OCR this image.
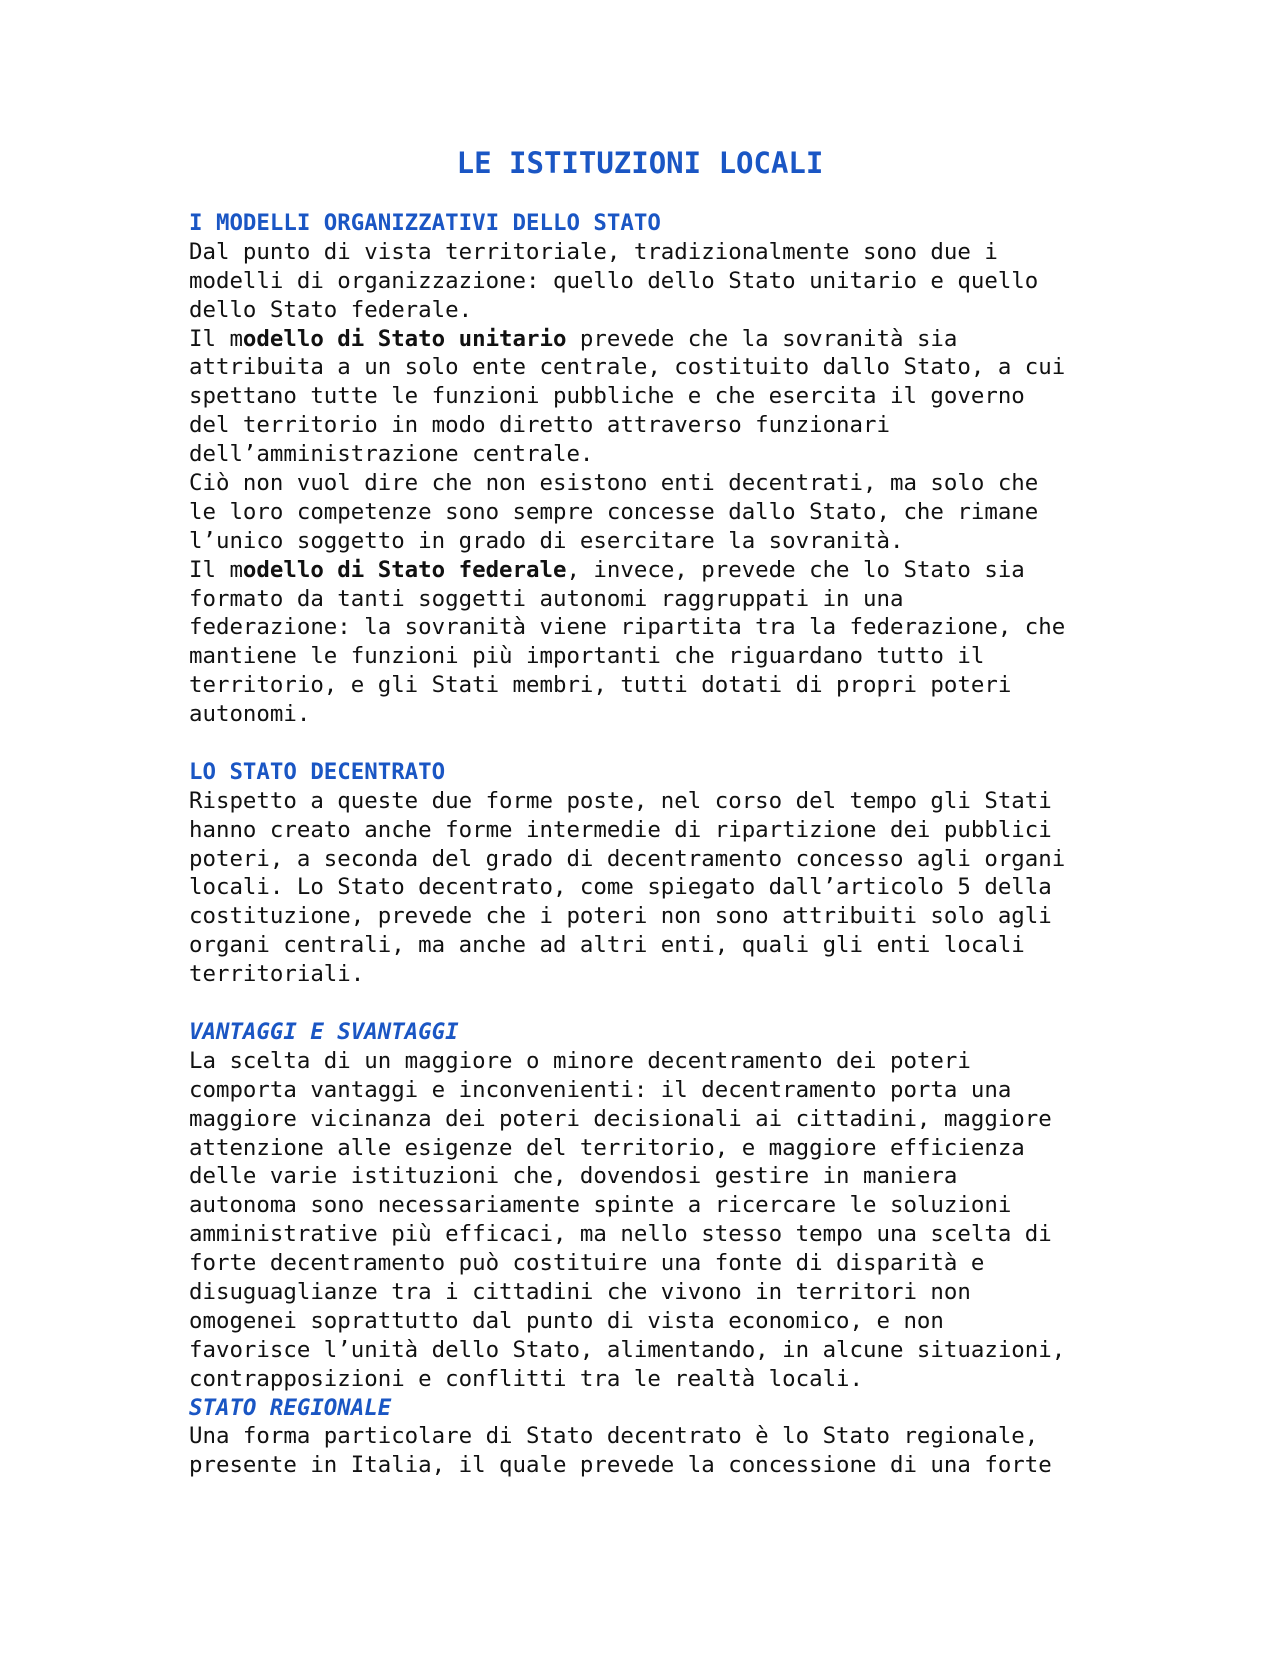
LE ISTITUZIONI LOCALI
I MODELLI ORGANIZZATIVI DELLO STATO
Dal punto di vista territoriale, tradizionalmente sono due i
modelli di organizzazione: quello dello Stato unitario e quello
dello Stato federale.
Il modello di Stato unitario prevede che la sovranità sia
attribuita a un solo ente centrale, costituito dallo Stato, a cui
spettano tutte le funzioni pubbliche e che esercita il governo
del territorio in modo diretto attraverso funzionari
dell’amministrazione centrale.
Ciò non vuol dire che non esistono enti decentrati, ma solo che
le loro competenze sono sempre concesse dallo Stato, che rimane
l’unico soggetto in grado di esercitare la sovranità.
Il modello di Stato federale, invece, prevede che lo Stato sia
formato da tanti soggetti autonomi raggruppati in una
federazione: la sovranità viene ripartita tra la federazione, che
mantiene le funzioni più importanti che riguardano tutto il
territorio, e gli Stati membri, tutti dotati di propri poteri
autonomi.
LO STATO DECENTRATO
Rispetto a queste due forme poste, nel corso del tempo gli Stati
hanno creato anche forme intermedie di ripartizione dei pubblici
poteri, a seconda del grado di decentramento concesso agli organi
locali. Lo Stato decentrato, come spiegato dall’articolo 5 della
costituzione, prevede che i poteri non sono attribuiti solo agli
organi centrali, ma anche ad altri enti, quali gli enti locali
territoriali.
VANTAGGI E SVANTAGGI
La scelta di un maggiore o minore decentramento dei poteri
comporta vantaggi e inconvenienti: il decentramento porta una
maggiore vicinanza dei poteri decisionali ai cittadini, maggiore
attenzione alle esigenze del territorio, e maggiore efficienza
delle varie istituzioni che, dovendosi gestire in maniera
autonoma sono necessariamente spinte a ricercare le soluzioni
amministrative più efficaci, ma nello stesso tempo una scelta di
forte decentramento può costituire una fonte di disparità e
disuguaglianze tra i cittadini che vivono in territori non
omogenei soprattutto dal punto di vista economico, e non
favorisce l’unità dello Stato, alimentando, in alcune situazioni,
contrapposizioni e conflitti tra le realtà locali.
STATO REGIONALE
Una forma particolare di Stato decentrato è lo Stato regionale,
presente in Italia, il quale prevede la concessione di una forte
